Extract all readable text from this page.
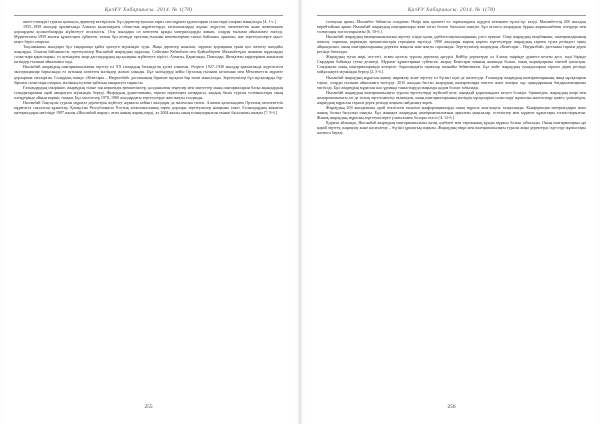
ҚазҰУ Хабаршысы. 2014. № 1(78)

өнеге еткендігі туралы қызықты деректер келтірілген. Бұл деректер ауызша тарих пен мұрағат құжаттарын салыстыра отырып анықталды [4, 1-с.].

1955–1958 жылдар аралығында Алматы қаласындағы облыстық мұрағаттарда, кітапханаларда жұмыс жүргізіп, мемлекеттік және жекеменшік қорлардағы қолжазбаларды жүйелеуге атсалысты. Осы жылдары ол көптеген құнды материалдарды жинап, оларды ғылыми айналымға енгізді. Мұрағаттағы 1959 жылғы құжаттарға сүйенсек, ғалым бұл кезеңде орталық ғылыми мекемелермен тығыз байланыс орнатып, жас зерттеушілерге ақыл-кеңес беріп отырған.

Тоқсаныншы жылдары бұл тақырыпқа қайта оралуға мүмкіндік туды. Жаңа деректер ашылып, мұрағат қорларына еркін қол жеткізу жағдайы жақсарды. Осыған байланысты зерттеушілер Нысанбай жыраудың мұрасын, Сейітжан Кебекбаев пен Қайыпберген Махамбетұлы жинаған мұраларды салыстыра қарастырып, ел аузындағы жыр-дастандардың нұсқаларын жүйелеуге кірісті. Алматы, Қарағанды, Павлодар, Жезқазған өңірлерінен жиналған мәтіндер ғылыми айналымға енді.

Нысанбай жыраудың шығармашылығын зерттеу ісі ХХ ғасырдың басында-ақ қолға алынған. Әсіресе 1927–1930 жылдар аралығында жүргізілген экспедициялар барысында ел аузынан көптеген мәтіндер жазып алынды. Бұл мәтіндерді кейін Орталық ғылыми кітапхана мен Мемлекеттік мұрағат қорларына тапсырған. Солардың ішінде «Кенесары – Наурызбай» дастанының бірнеше нұсқасы бар екені анықталды. Зерттеушілер бұл нұсқаларды бір-бірімен салыстыра отырып, мәтіннің ең көне қабатын ажыратуға тырысты.

Ғалымдардың пікірінше, жыраудың тіліне тән көркемдік ерекшеліктер, қолданылған теңеулер мен эпитеттер оның шығармаларын басқа ақындардың туындыларынан оңай ажыратуға мүмкіндік береді. Жыраудың дүниетанымы, тарихи оқиғаларға көзқарасы, хандық билік туралы толғаныстары оның өлеңдерінде айқын көрініс тапқан. Бұл мәселелер 1970–1980 жылдардағы зерттеулерде жан-жақты талданды.

Нысанбай Таңтаұлы туралы мұрағат деректерін жүйелеу жұмысы кейінгі жылдары да жалғасын тапты. Алматы қаласындағы Орталық мемлекеттік мұрағатта сақталған құжаттар, Қазақстан Республикасы Ұлттық кітапханасының сирек қорлары зерттеушілер назарына ілікті. Ғалымдардың жинаған материалдары негізінде 1997 жылы «Нысанбай жырау» атты жинақ жарық көрді, ал 2004 жылы оның толықтырылған екінші басылымы шықты [7, 9-б.].

255
ҚазҰУ Хабаршысы. 2014. № 1(78)

толғауын арнап, Махамбет бейнесін сомдаған. Өмірі мен қызметі ел тарихындағы күрделі кезеңмен тұспа-тұс келді. Махамбеттің 200 жылдық мерейтойына арнап Нысанбай жыраудың шығармалары жеке кітап болып басылып шықты. Бұл кітапта жыраудың бұрын жарияланбаған өлеңдері мен толғаулары топтастырылған [6, 10-б.].

Нысанбай жыраудың шығармашылығын зерттеу ісінде қазақ әдебиеттанушыларының үлесі ерекше. Олар жыраудың өмірбаянын, шығармаларының жазылу тарихын, көркемдік ерекшеліктерін тереңінен зерттеді. 1990 жылдары жарық көрген зерттеулерде жыраудың тарихи тұлға ретіндегі орны айқындалып, оның шығармаларының деректік маңызы жан-жақты сараланды. Зерттеушілер жыраудың «Кенесары – Наурызбай» дастанын тарихи дерек ретінде бағалады.

Жыраудың туған жері, ата-тегі, өскен ортасы туралы деректер әртүрлі. Кейбір деректерде ол Алатау өңірінде дүниеге келген десе, енді бірінде Сырдария бойында туған делінеді. Мұрағат құжаттарына сүйенсек, жырау Кенесары ханның жанында болып, оның жорықтарына тікелей қатысқан. Сондықтан оның шығармаларында көтеріліс барысындағы оқиғалар шынайы бейнеленген. Бұл жайт жыраудың туындыларын тарихи дерек ретінде пайдалануға мүмкіндік береді [2, 5-б.].

Нысанбай жыраудың мұрасын жинау, жариялау және зерттеу ісі бүгінгі күні де жалғасуда. Ғалымдар жыраудың шығармаларының жаңа нұсқаларын тауып, оларды ғылыми айналымға енгізуде. 2010 жылдан бастап жыраудың шығармалары мектеп және жоғары оқу орындарының бағдарламаларына енгізілді. Бұл жыраудың мұрасын жас ұрпаққа таныстыруда маңызды қадам болып табылады.

Нысанбай жыраудың шығармашылығы туралы зерттеулерді жүйелей келе, мынадай қорытындыға келуге болады: біріншіден, жыраудың өмірі мен шығармашылығы әлі де толық зерттелмеген; екіншіден, оның шығармаларының мәтіндік нұсқаларын салыстыру жұмысын жалғастыру қажет; үшіншіден, жыраудың мұрасын тарихи дерек ретінде кеңінен пайдалану керек.

Жыраудың 200 жылдығына орай өткізілген ғылыми конференцияларда оның мұрасы жан-жақты талқыланды. Конференция материалдары жеке жинақ болып басылып шықты. Бұл жинақта жыраудың шығармашылығына арналған мақалалар, естеліктер мен мұрағат құжаттары топтастырылған. Жинақ жыраудың мұрасын зерттеушілерге үлкен көмек болары сөзсіз [4, 12-б.].

Қорыта айтқанда, Нысанбай жыраудың шығармашылығы қазақ әдебиеті мен тарихының құнды мұрасы болып табылады. Оның шығармаларын әрі қарай зерттеу, жариялау және насихаттау – бүгінгі ұрпақтың парызы. Жыраудың өмірі мен шығармашылығы туралы жаңа деректерді іздестіру жұмыстары жалғаса береді.

256
